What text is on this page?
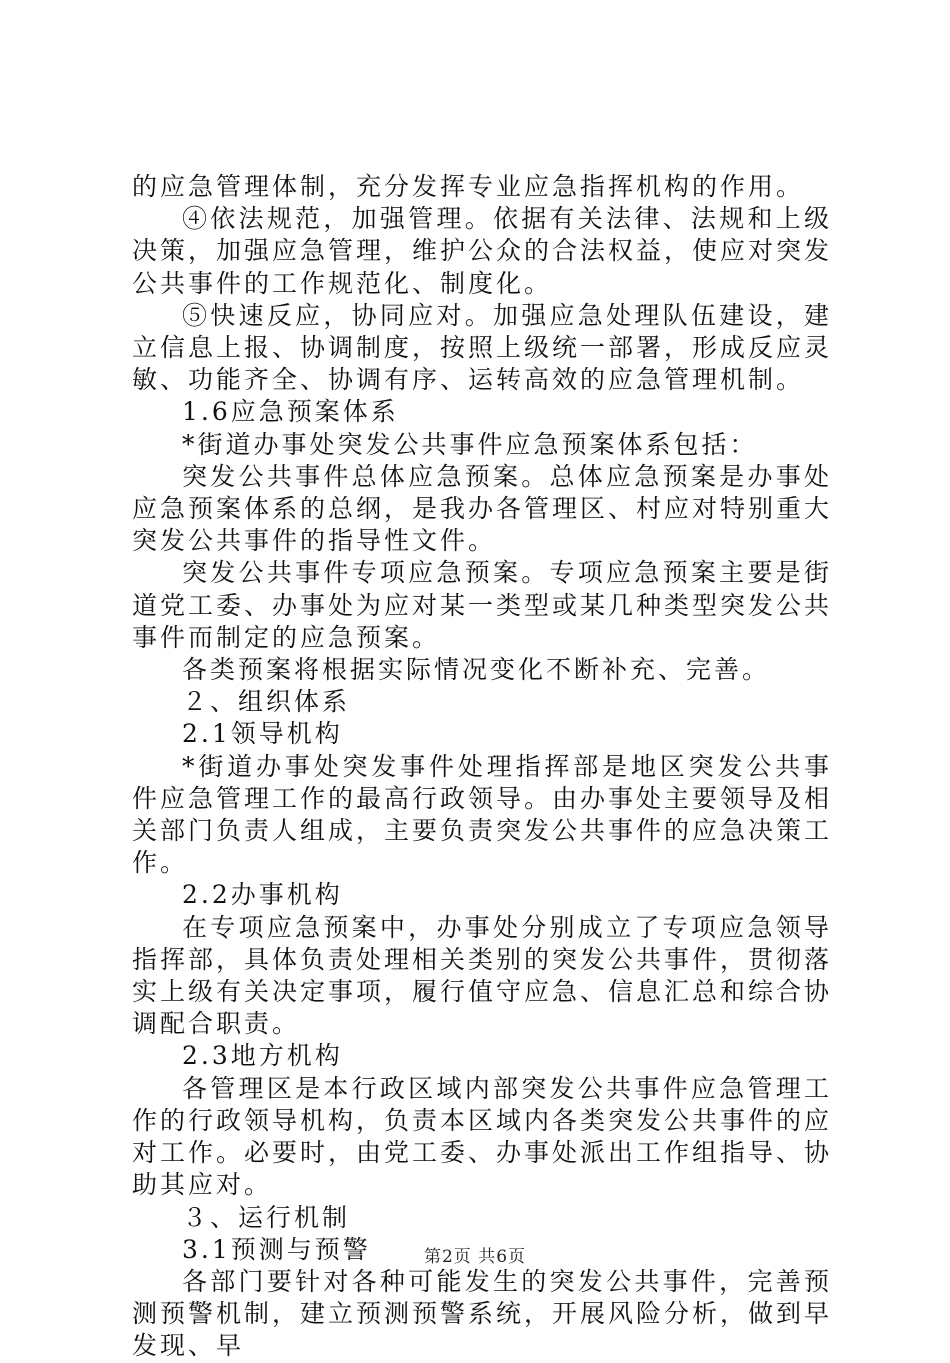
的应急管理体制，充分发挥专业应急指挥机构的作用。

④依法规范，加强管理。依据有关法律、法规和上级决策，加强应急管理，维护公众的合法权益，使应对突发公共事件的工作规范化、制度化。

⑤快速反应，协同应对。加强应急处理队伍建设，建立信息上报、协调制度，按照上级统一部署，形成反应灵敏、功能齐全、协调有序、运转高效的应急管理机制。

1.6应急预案体系

*街道办事处突发公共事件应急预案体系包括：

突发公共事件总体应急预案。总体应急预案是办事处应急预案体系的总纲，是我办各管理区、村应对特别重大突发公共事件的指导性文件。

突发公共事件专项应急预案。专项应急预案主要是街道党工委、办事处为应对某一类型或某几种类型突发公共事件而制定的应急预案。

各类预案将根据实际情况变化不断补充、完善。

２、组织体系

2.1领导机构

*街道办事处突发事件处理指挥部是地区突发公共事件应急管理工作的最高行政领导。由办事处主要领导及相关部门负责人组成，主要负责突发公共事件的应急决策工作。

2.2办事机构

在专项应急预案中，办事处分别成立了专项应急领导指挥部，具体负责处理相关类别的突发公共事件，贯彻落实上级有关决定事项，履行值守应急、信息汇总和综合协调配合职责。

2.3地方机构

各管理区是本行政区域内部突发公共事件应急管理工作的行政领导机构，负责本区域内各类突发公共事件的应对工作。必要时，由党工委、办事处派出工作组指导、协助其应对。

３、运行机制

3.1预测与预警

各部门要针对各种可能发生的突发公共事件，完善预测预警机制，建立预测预警系统，开展风险分析，做到早发现、早

第2页 共6页
